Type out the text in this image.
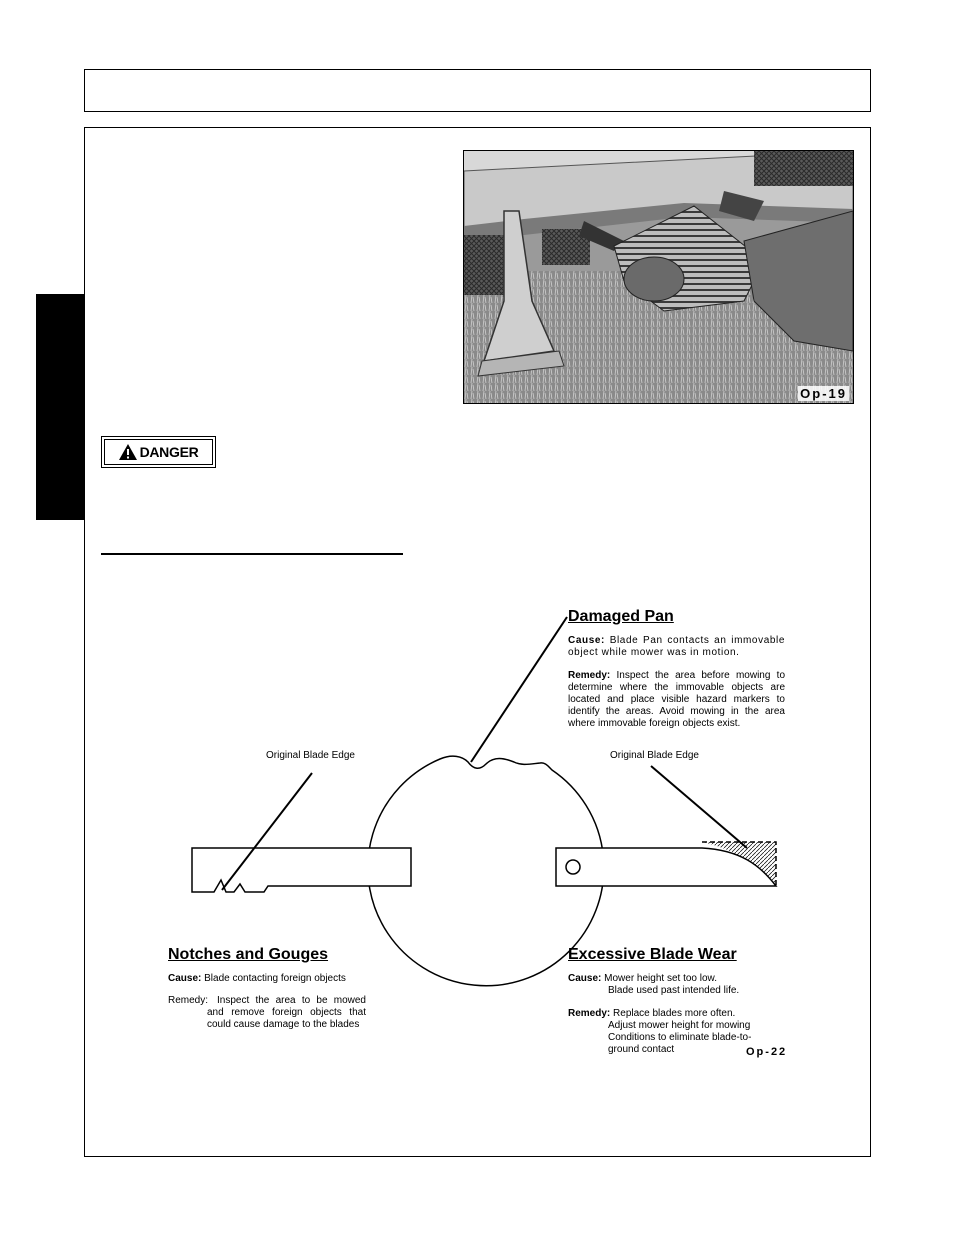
Op-19
DANGER
Damaged Pan
Cause: Blade Pan contacts an immovable object while mower was in motion.
Remedy: Inspect the area before mowing to determine where the immovable objects are located and place visible hazard markers to identify the areas. Avoid mowing in the area where immovable foreign objects exist.
Original Blade Edge	Original Blade Edge
Notches and Gouges
Cause: Blade contacting foreign objects
Remedy: Inspect the area to be mowed
and remove foreign objects that
could cause damage to the blades
Excessive Blade Wear
Cause: Mower height set too low.
Blade used past intended life.
Remedy: Replace blades more often.
Adjust mower height for mowing
Conditions to eliminate blade-to-
ground contact	Op-22
